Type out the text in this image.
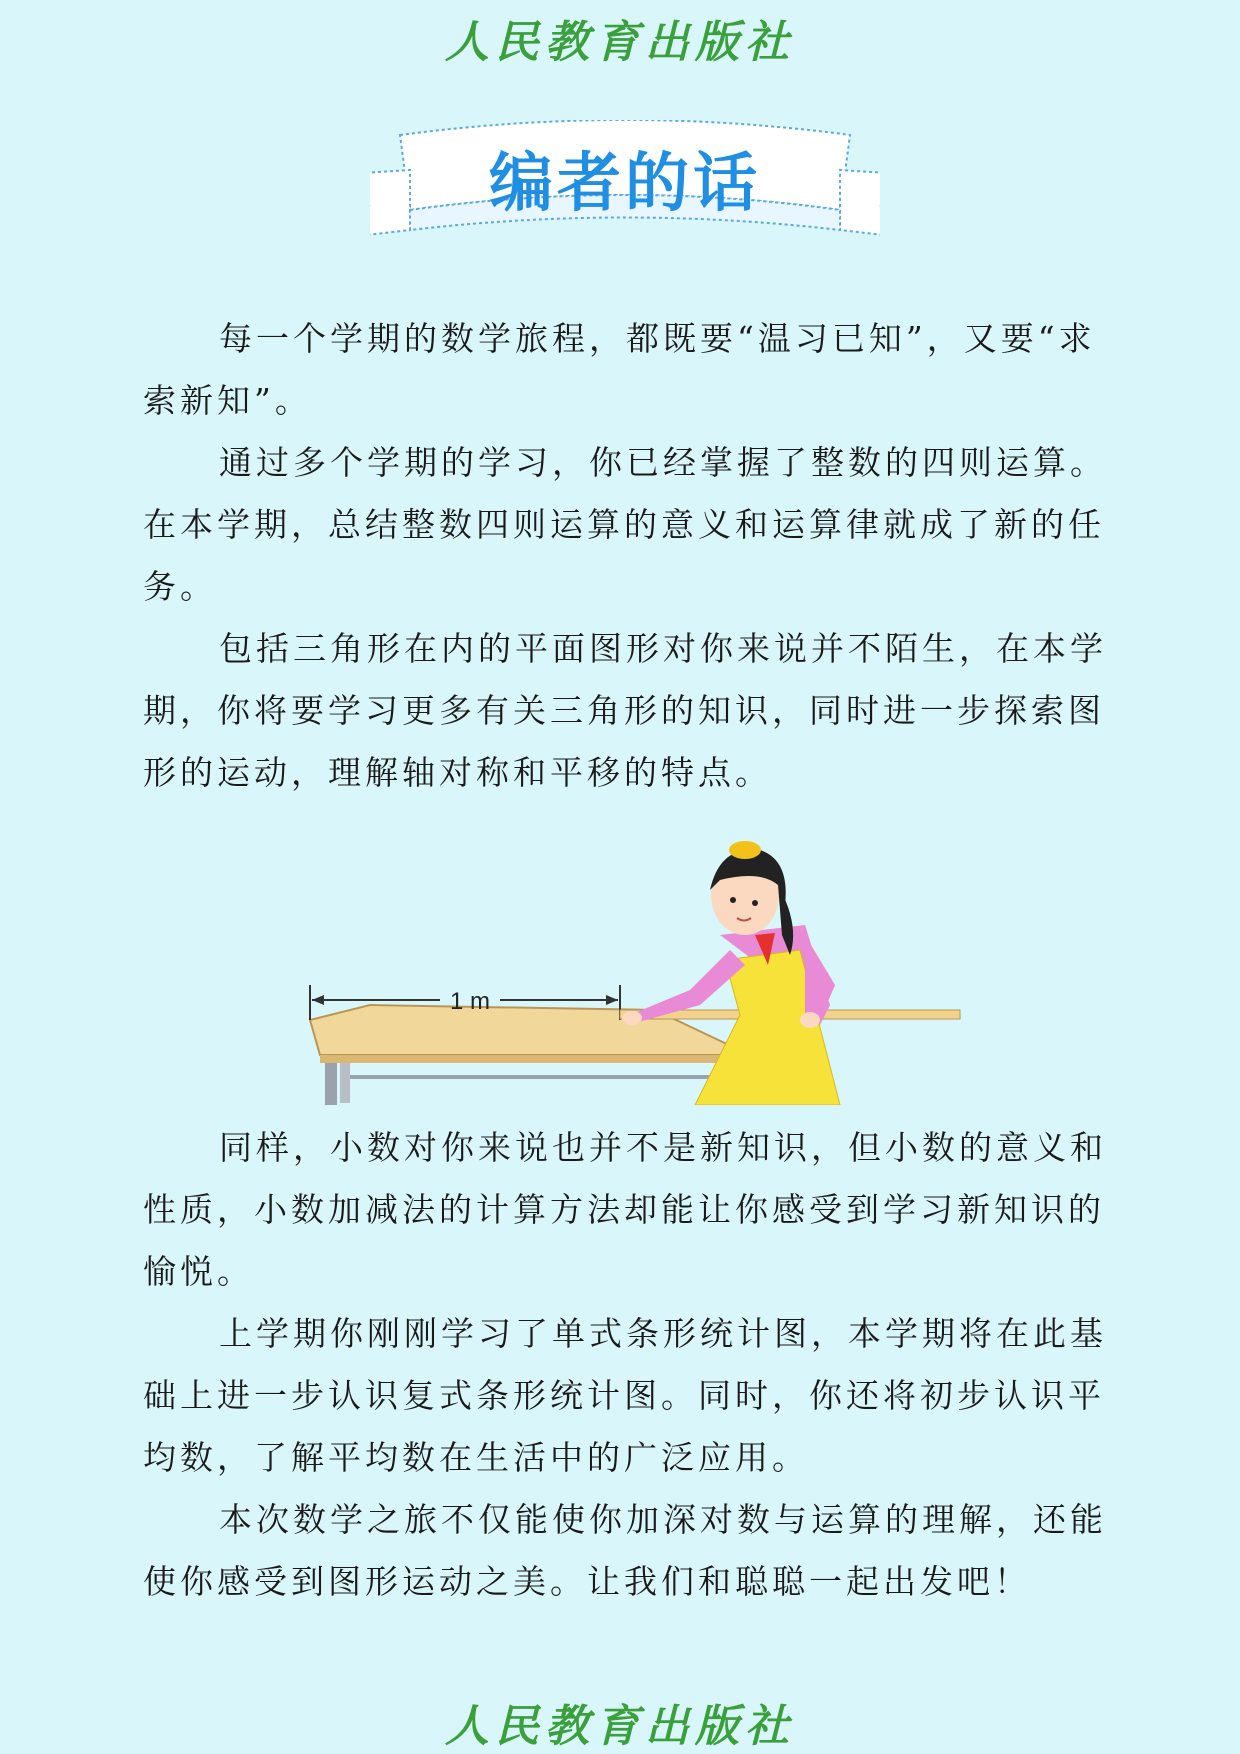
人民教育出版社
编者的话

每一个学期的数学旅程，都既要“温习已知”，又要“求索新知”。

通过多个学期的学习，你已经掌握了整数的四则运算。在本学期，总结整数四则运算的意义和运算律就成了新的任务。

包括三角形在内的平面图形对你来说并不陌生，在本学期，你将要学习更多有关三角形的知识，同时进一步探索图形的运动，理解轴对称和平移的特点。

1 m

同样，小数对你来说也并不是新知识，但小数的意义和性质，小数加减法的计算方法却能让你感受到学习新知识的愉悦。

上学期你刚刚学习了单式条形统计图，本学期将在此基础上进一步认识复式条形统计图。同时，你还将初步认识平均数，了解平均数在生活中的广泛应用。

本次数学之旅不仅能使你加深对数与运算的理解，还能使你感受到图形运动之美。让我们和聪聪一起出发吧！

人民教育出版社
